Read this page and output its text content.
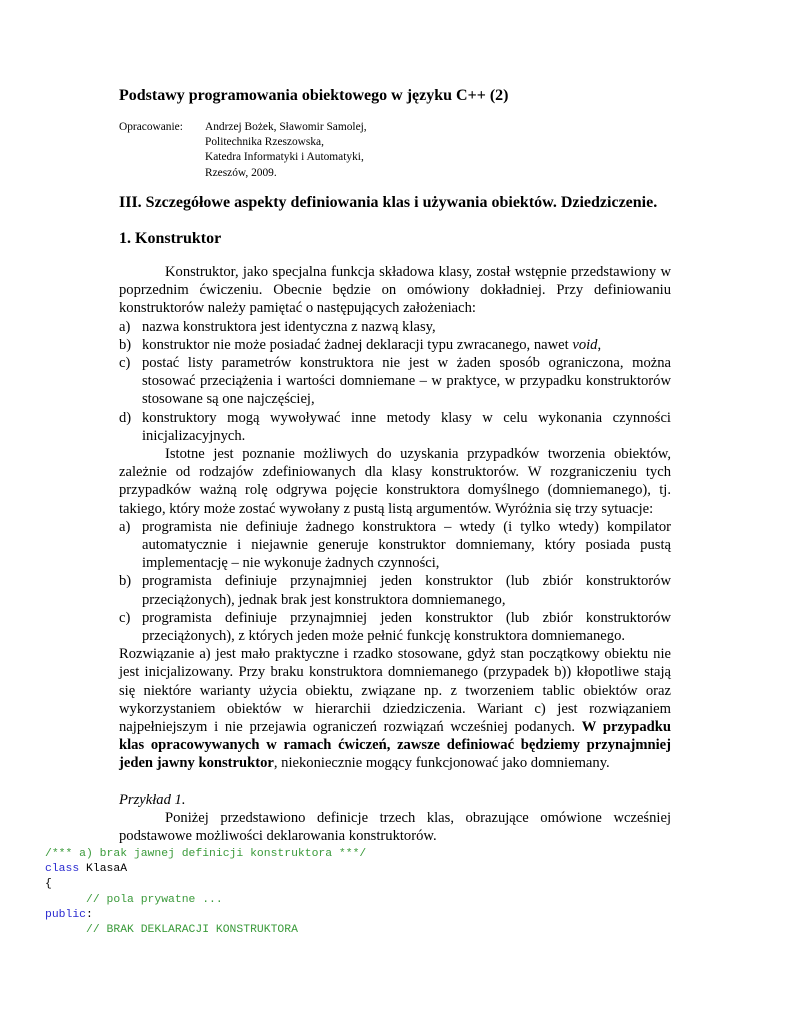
Podstawy programowania obiektowego w języku C++ (2)
Opracowanie: Andrzej Bożek, Sławomir Samolej,
Politechnika Rzeszowska,
Katedra Informatyki i Automatyki,
Rzeszów, 2009.
III. Szczegółowe aspekty definiowania klas i używania obiektów. Dziedziczenie.
1. Konstruktor

Konstruktor, jako specjalna funkcja składowa klasy, został wstępnie przedstawiony w poprzednim ćwiczeniu. Obecnie będzie on omówiony dokładniej. Przy definiowaniu konstruktorów należy pamiętać o następujących założeniach:

a) nazwa konstruktora jest identyczna z nazwą klasy,
b) konstruktor nie może posiadać żadnej deklaracji typu zwracanego, nawet void,
c) postać listy parametrów konstruktora nie jest w żaden sposób ograniczona, można stosować przeciążenia i wartości domniemane – w praktyce, w przypadku konstruktorów stosowane są one najczęściej,
d) konstruktory mogą wywoływać inne metody klasy w celu wykonania czynności inicjalizacyjnych.

Istotne jest poznanie możliwych do uzyskania przypadków tworzenia obiektów, zależnie od rodzajów zdefiniowanych dla klasy konstruktorów. W rozgraniczeniu tych przypadków ważną rolę odgrywa pojęcie konstruktora domyślnego (domniemanego), tj. takiego, który może zostać wywołany z pustą listą argumentów. Wyróżnia się trzy sytuacje:

a) programista nie definiuje żadnego konstruktora – wtedy (i tylko wtedy) kompilator automatycznie i niejawnie generuje konstruktor domniemany, który posiada pustą implementację – nie wykonuje żadnych czynności,
b) programista definiuje przynajmniej jeden konstruktor (lub zbiór konstruktorów przeciążonych), jednak brak jest konstruktora domniemanego,
c) programista definiuje przynajmniej jeden konstruktor (lub zbiór konstruktorów przeciążonych), z których jeden może pełnić funkcję konstruktora domniemanego.

Rozwiązanie a) jest mało praktyczne i rzadko stosowane, gdyż stan początkowy obiektu nie jest inicjalizowany. Przy braku konstruktora domniemanego (przypadek b)) kłopotliwe stają się niektóre warianty użycia obiektu, związane np. z tworzeniem tablic obiektów oraz wykorzystaniem obiektów w hierarchii dziedziczenia. Wariant c) jest rozwiązaniem najpełniejszym i nie przejawia ograniczeń rozwiązań wcześniej podanych. W przypadku klas opracowywanych w ramach ćwiczeń, zawsze definiować będziemy przynajmniej jeden jawny konstruktor, niekoniecznie mogący funkcjonować jako domniemany.

Przykład 1.

Poniżej przedstawiono definicje trzech klas, obrazujące omówione wcześniej podstawowe możliwości deklarowania konstruktorów.

/*** a) brak jawnej definicji konstruktora ***/
class KlasaA
{
// pola prywatne ...
public:
// BRAK DEKLARACJI KONSTRUKTORA
